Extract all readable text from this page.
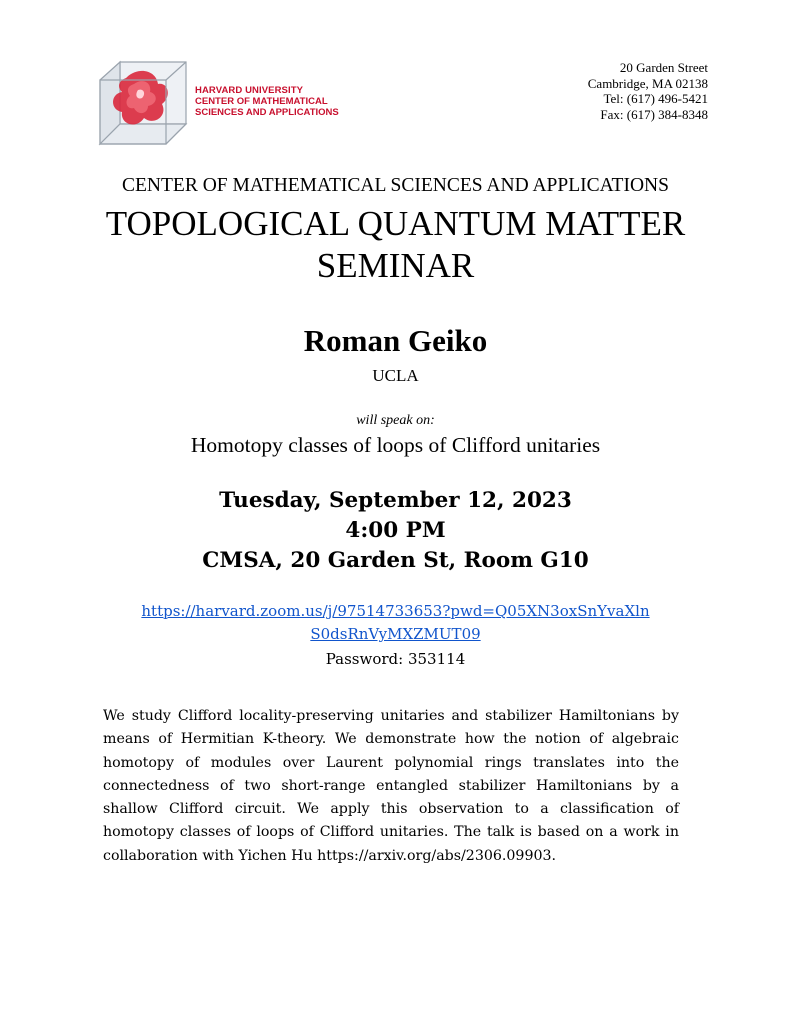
HARVARD UNIVERSITY
CENTER OF MATHEMATICAL
SCIENCES AND APPLICATIONS
20 Garden Street
Cambridge, MA 02138
Tel: (617) 496-5421
Fax: (617) 384-8348
CENTER OF MATHEMATICAL SCIENCES AND APPLICATIONS
TOPOLOGICAL QUANTUM MATTER
SEMINAR
Roman Geiko
UCLA
will speak on:
Homotopy classes of loops of Clifford unitaries
Tuesday, September 12, 2023
4:00 PM
CMSA, 20 Garden St, Room G10
https://harvard.zoom.us/j/97514733653?pwd=Q05XN3oxSnYvaXln
S0dsRnVyMXZMUT09
Password: 353114
We study Clifford locality-preserving unitaries and stabilizer Hamiltonians by means of Hermitian K-theory. We demonstrate how the notion of algebraic homotopy of modules over Laurent polynomial rings translates into the connectedness of two short-range entangled stabilizer Hamiltonians by a shallow Clifford circuit. We apply this observation to a classification of homotopy classes of loops of Clifford unitaries. The talk is based on a work in collaboration with Yichen Hu https://arxiv.org/abs/2306.09903.
